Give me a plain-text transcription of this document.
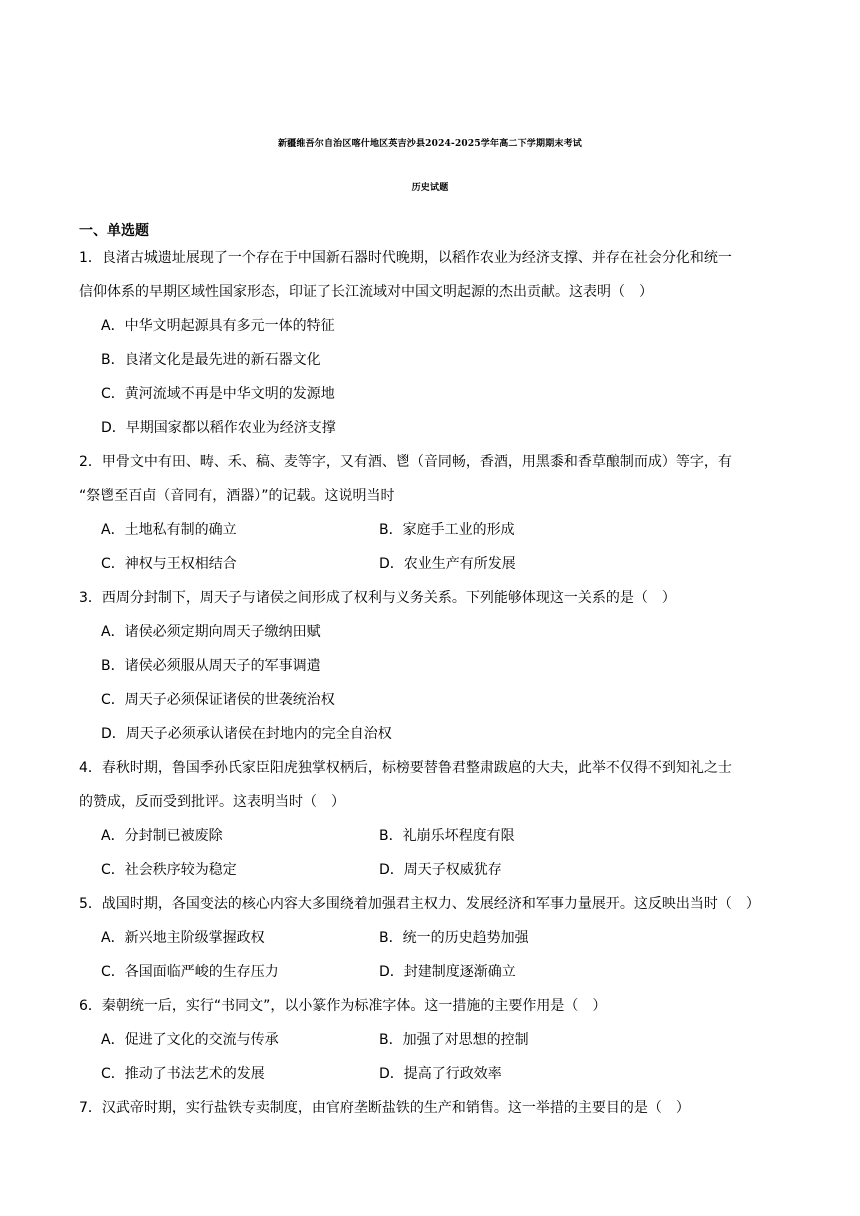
新疆维吾尔自治区喀什地区英吉沙县2024-2025学年高二下学期期末考试
历史试题
一、单选题
1．良渚古城遗址展现了一个存在于中国新石器时代晚期，以稻作农业为经济支撑、并存在社会分化和统一
信仰体系的早期区域性国家形态，印证了长江流域对中国文明起源的杰出贡献。这表明（　）
A．中华文明起源具有多元一体的特征
B．良渚文化是最先进的新石器文化
C．黄河流域不再是中华文明的发源地
D．早期国家都以稻作农业为经济支撑
2．甲骨文中有田、畴、禾、稿、麦等字，又有酒、鬯（音同畅，香酒，用黑黍和香草酿制而成）等字，有
“祭鬯至百卣（音同有，酒器）”的记载。这说明当时
A．土地私有制的确立	B．家庭手工业的形成
C．神权与王权相结合	D．农业生产有所发展
3．西周分封制下，周天子与诸侯之间形成了权利与义务关系。下列能够体现这一关系的是（　）
A．诸侯必须定期向周天子缴纳田赋
B．诸侯必须服从周天子的军事调遣
C．周天子必须保证诸侯的世袭统治权
D．周天子必须承认诸侯在封地内的完全自治权
4．春秋时期，鲁国季孙氏家臣阳虎独掌权柄后，标榜要替鲁君整肃跋扈的大夫，此举不仅得不到知礼之士
的赞成，反而受到批评。这表明当时（　）
A．分封制已被废除	B．礼崩乐坏程度有限
C．社会秩序较为稳定	D．周天子权威犹存
5．战国时期，各国变法的核心内容大多围绕着加强君主权力、发展经济和军事力量展开。这反映出当时（　）
A．新兴地主阶级掌握政权	B．统一的历史趋势加强
C．各国面临严峻的生存压力	D．封建制度逐渐确立
6．秦朝统一后，实行“书同文”，以小篆作为标准字体。这一措施的主要作用是（　）
A．促进了文化的交流与传承	B．加强了对思想的控制
C．推动了书法艺术的发展	D．提高了行政效率
7．汉武帝时期，实行盐铁专卖制度，由官府垄断盐铁的生产和销售。这一举措的主要目的是（　）
